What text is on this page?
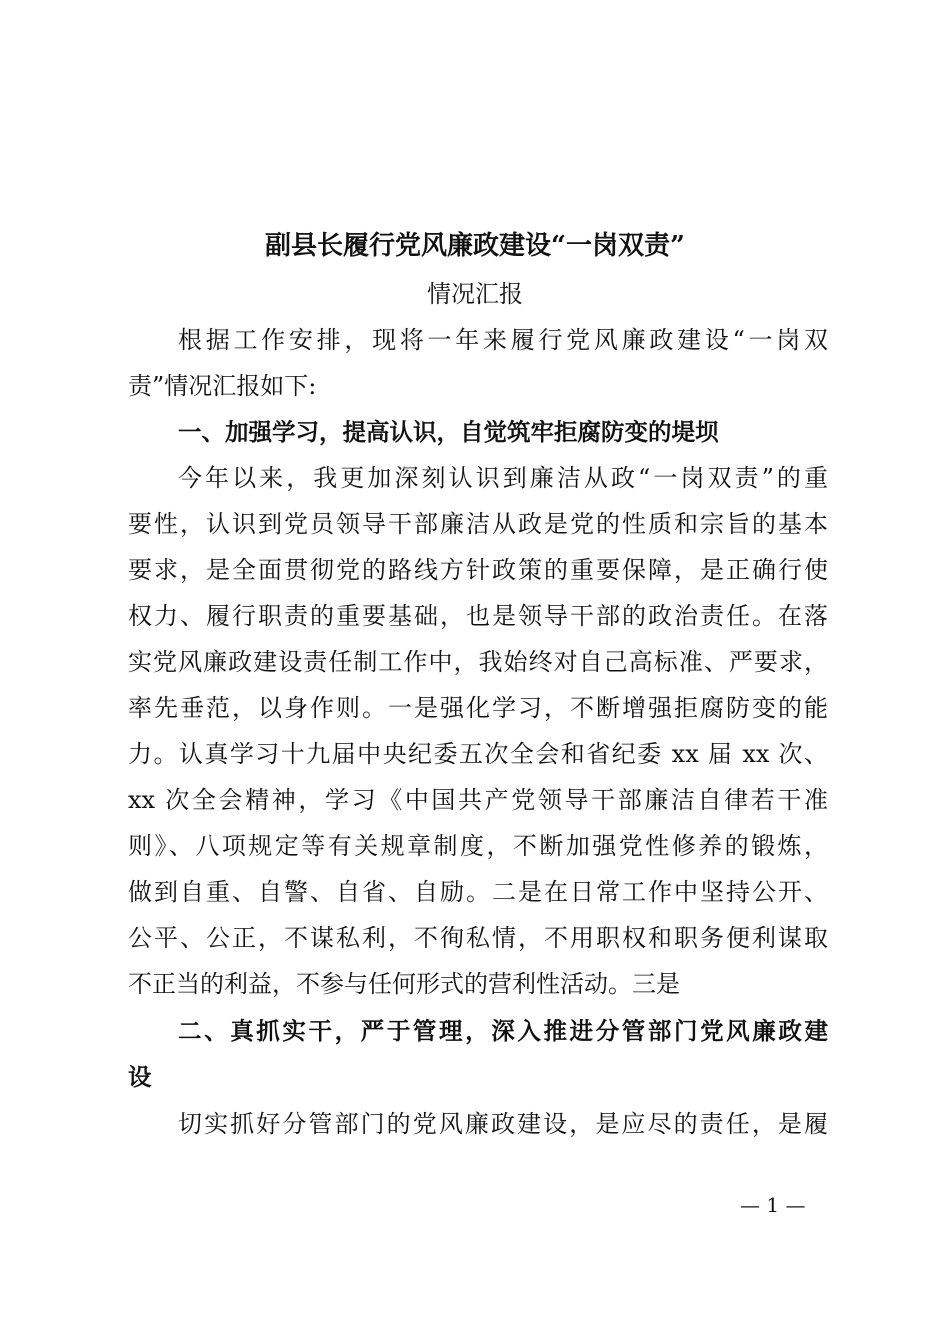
副县长履行党风廉政建设“一岗双责”
情况汇报
根据工作安排，现将一年来履行党风廉政建设“一岗双
责”情况汇报如下:
一、加强学习，提高认识，自觉筑牢拒腐防变的堤坝
今年以来，我更加深刻认识到廉洁从政“一岗双责”的重
要性，认识到党员领导干部廉洁从政是党的性质和宗旨的基本
要求，是全面贯彻党的路线方针政策的重要保障，是正确行使
权力、履行职责的重要基础，也是领导干部的政治责任。在落
实党风廉政建设责任制工作中，我始终对自己高标准、严要求，
率先垂范，以身作则。一是强化学习，不断增强拒腐防变的能
力。认真学习十九届中央纪委五次全会和省纪委 xx 届 xx 次、
xx 次全会精神，学习《中国共产党领导干部廉洁自律若干准
则》、八项规定等有关规章制度，不断加强党性修养的锻炼，
做到自重、自警、自省、自励。二是在日常工作中坚持公开、
公平、公正，不谋私利，不徇私情，不用职权和职务便利谋取
不正当的利益，不参与任何形式的营利性活动。三是
二、真抓实干，严于管理，深入推进分管部门党风廉政建
设
切实抓好分管部门的党风廉政建设，是应尽的责任，是履
— 1 —
